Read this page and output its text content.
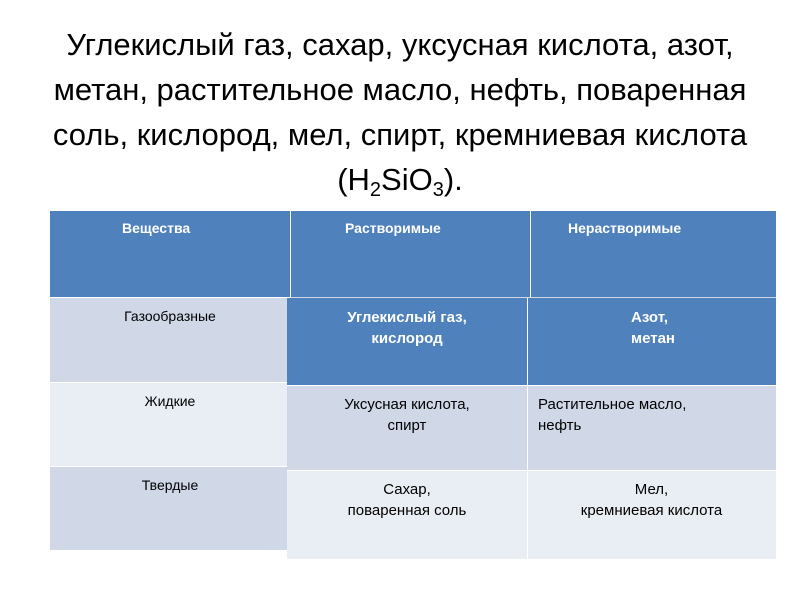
Углекислый газ, сахар, уксусная кислота, азот, метан, растительное масло, нефть, поваренная соль, кислород, мел, спирт, кремниевая кислота $(H_2SiO_3)$.
Вещества	Растворимые	Нерастворимые
Газообразные
Жидкие
Твердые
Углекислый газ,
кислород
Азот,
метан
Уксусная кислота,
спирт
Растительное масло,
нефть
Сахар,
поваренная соль
Мел,
кремниевая кислота
